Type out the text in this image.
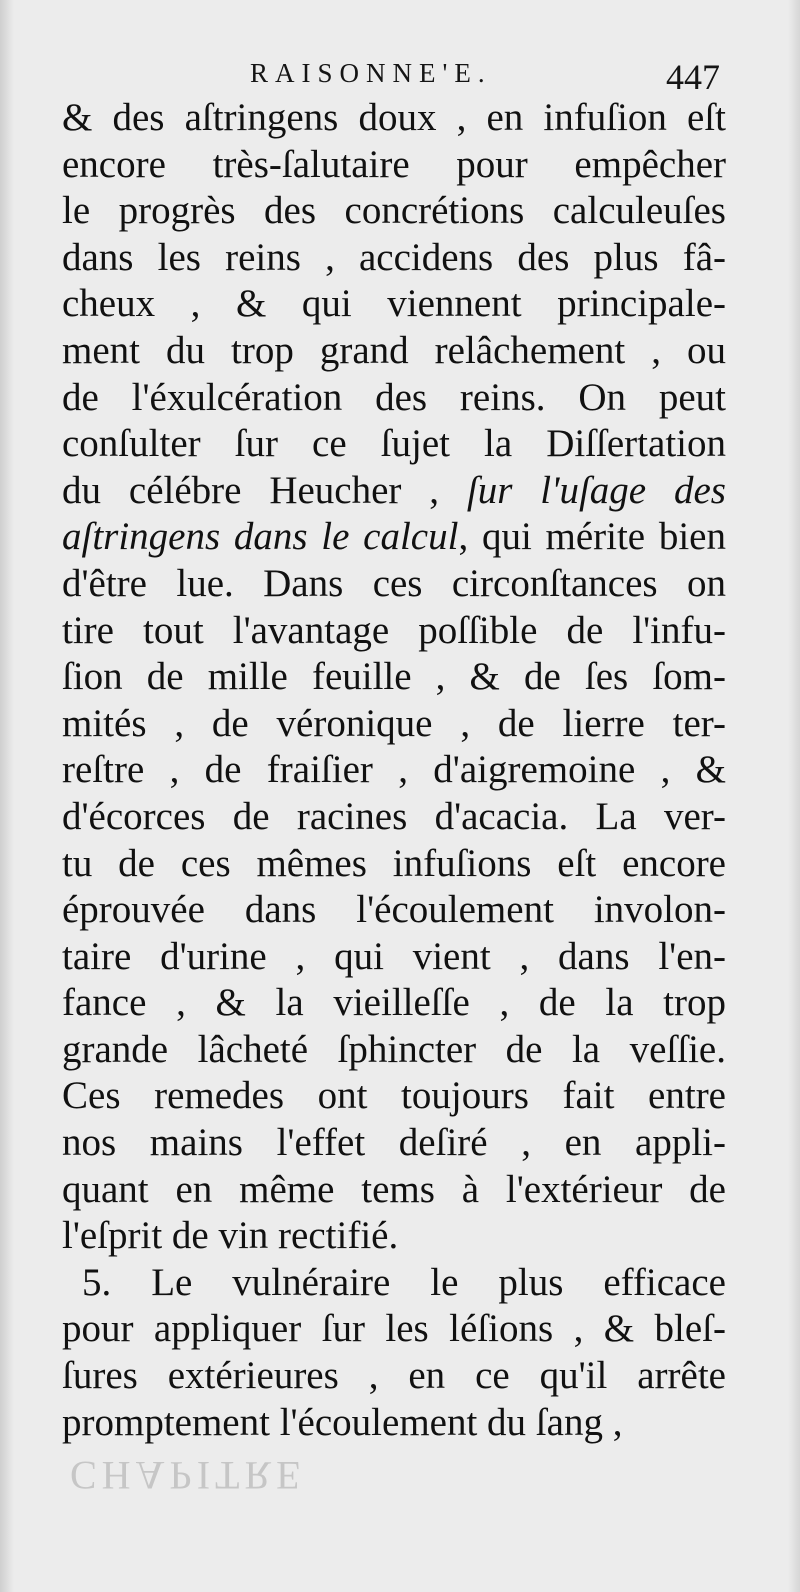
RAISONNE'E.	447
& des aſtringens doux , en infuſion eſt
encore très-ſalutaire pour empêcher
le progrès des concrétions calculeuſes
dans les reins , accidens des plus fâ-
cheux , & qui viennent principale-
ment du trop grand relâchement , ou
de l'éxulcération des reins. On peut
conſulter ſur ce ſujet la Diſſertation
du célébre Heucher , ſur l'uſage des
aſtringens dans le calcul, qui mérite bien
d'être lue. Dans ces circonſtances on
tire tout l'avantage poſſible de l'infu-
ſion de mille feuille , & de ſes ſom-
mités , de véronique , de lierre ter-
reſtre , de fraiſier , d'aigremoine , &
d'écorces de racines d'acacia. La ver-
tu de ces mêmes infuſions eſt encore
éprouvée dans l'écoulement involon-
taire d'urine , qui vient , dans l'en-
fance , & la vieilleſſe , de la trop
grande lâcheté ſphincter de la veſſie.
Ces remedes ont toujours fait entre
nos mains l'effet deſiré , en appli-
quant en même tems à l'extérieur de
l'eſprit de vin rectifié.
5. Le vulnéraire le plus efficace
pour appliquer ſur les léſions , & bleſ-
ſures extérieures , en ce qu'il arrête
promptement l'écoulement du ſang ,
CHAPITRE
